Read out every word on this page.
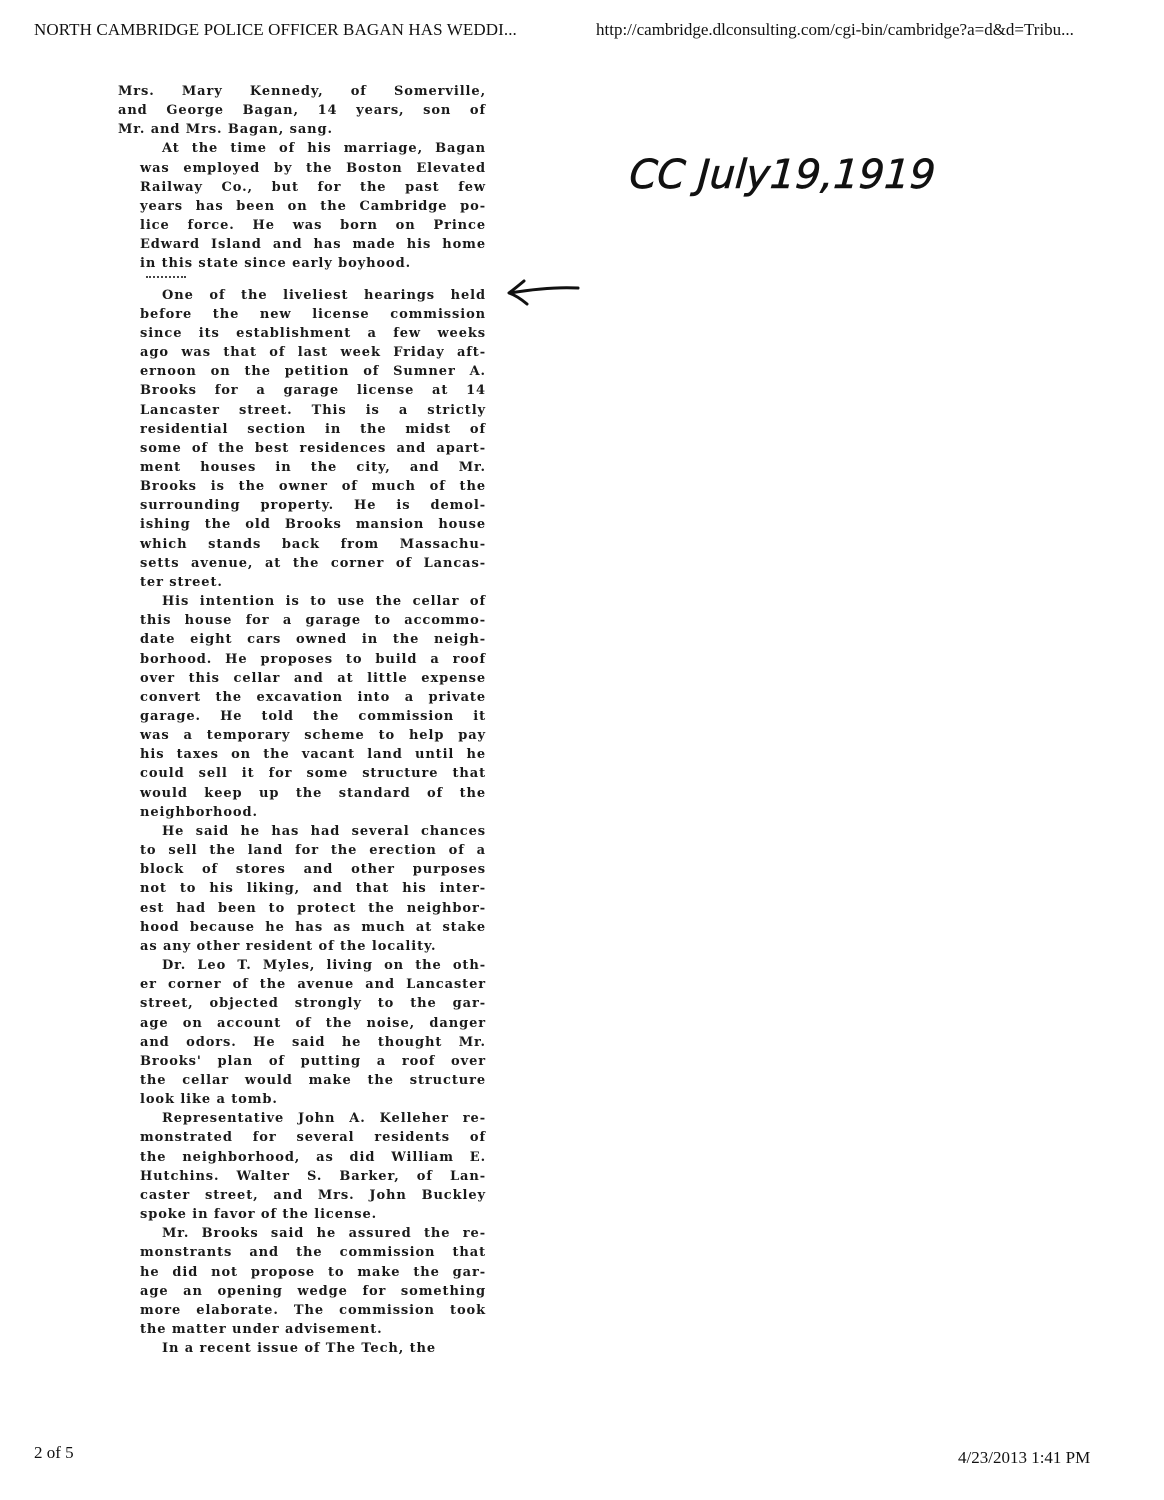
NORTH CAMBRIDGE POLICE OFFICER BAGAN HAS WEDDI...	http://cambridge.dlconsulting.com/cgi-bin/cambridge?a=d&d=Tribu...

Mrs. Mary Kennedy, of Somerville,
and George Bagan, 14 years, son of
Mr. and Mrs. Bagan, sang.

At the time of his marriage, Bagan
was employed by the Boston Elevated
Railway Co., but for the past few
years has been on the Cambridge po-
lice force. He was born on Prince
Edward Island and has made his home
in this state since early boyhood.

One of the liveliest hearings held
before the new license commission
since its establishment a few weeks
ago was that of last week Friday aft-
ernoon on the petition of Sumner A.
Brooks for a garage license at 14
Lancaster street. This is a strictly
residential section in the midst of
some of the best residences and apart-
ment houses in the city, and Mr.
Brooks is the owner of much of the
surrounding property. He is demol-
ishing the old Brooks mansion house
which stands back from Massachu-
setts avenue, at the corner of Lancas-
ter street.

His intention is to use the cellar of
this house for a garage to accommo-
date eight cars owned in the neigh-
borhood. He proposes to build a roof
over this cellar and at little expense
convert the excavation into a private
garage. He told the commission it
was a temporary scheme to help pay
his taxes on the vacant land until he
could sell it for some structure that
would keep up the standard of the
neighborhood.

He said he has had several chances
to sell the land for the erection of a
block of stores and other purposes
not to his liking, and that his inter-
est had been to protect the neighbor-
hood because he has as much at stake
as any other resident of the locality.

Dr. Leo T. Myles, living on the oth-
er corner of the avenue and Lancaster
street, objected strongly to the gar-
age on account of the noise, danger
and odors. He said he thought Mr.
Brooks' plan of putting a roof over
the cellar would make the structure
look like a tomb.

Representative John A. Kelleher re-
monstrated for several residents of
the neighborhood, as did William E.
Hutchins. Walter S. Barker, of Lan-
caster street, and Mrs. John Buckley
spoke in favor of the license.

Mr. Brooks said he assured the re-
monstrants and the commission that
he did not propose to make the gar-
age an opening wedge for something
more elaborate. The commission took
the matter under advisement.

In a recent issue of The Tech, the

CC July19,1919
2 of 5	4/23/2013 1:41 PM
